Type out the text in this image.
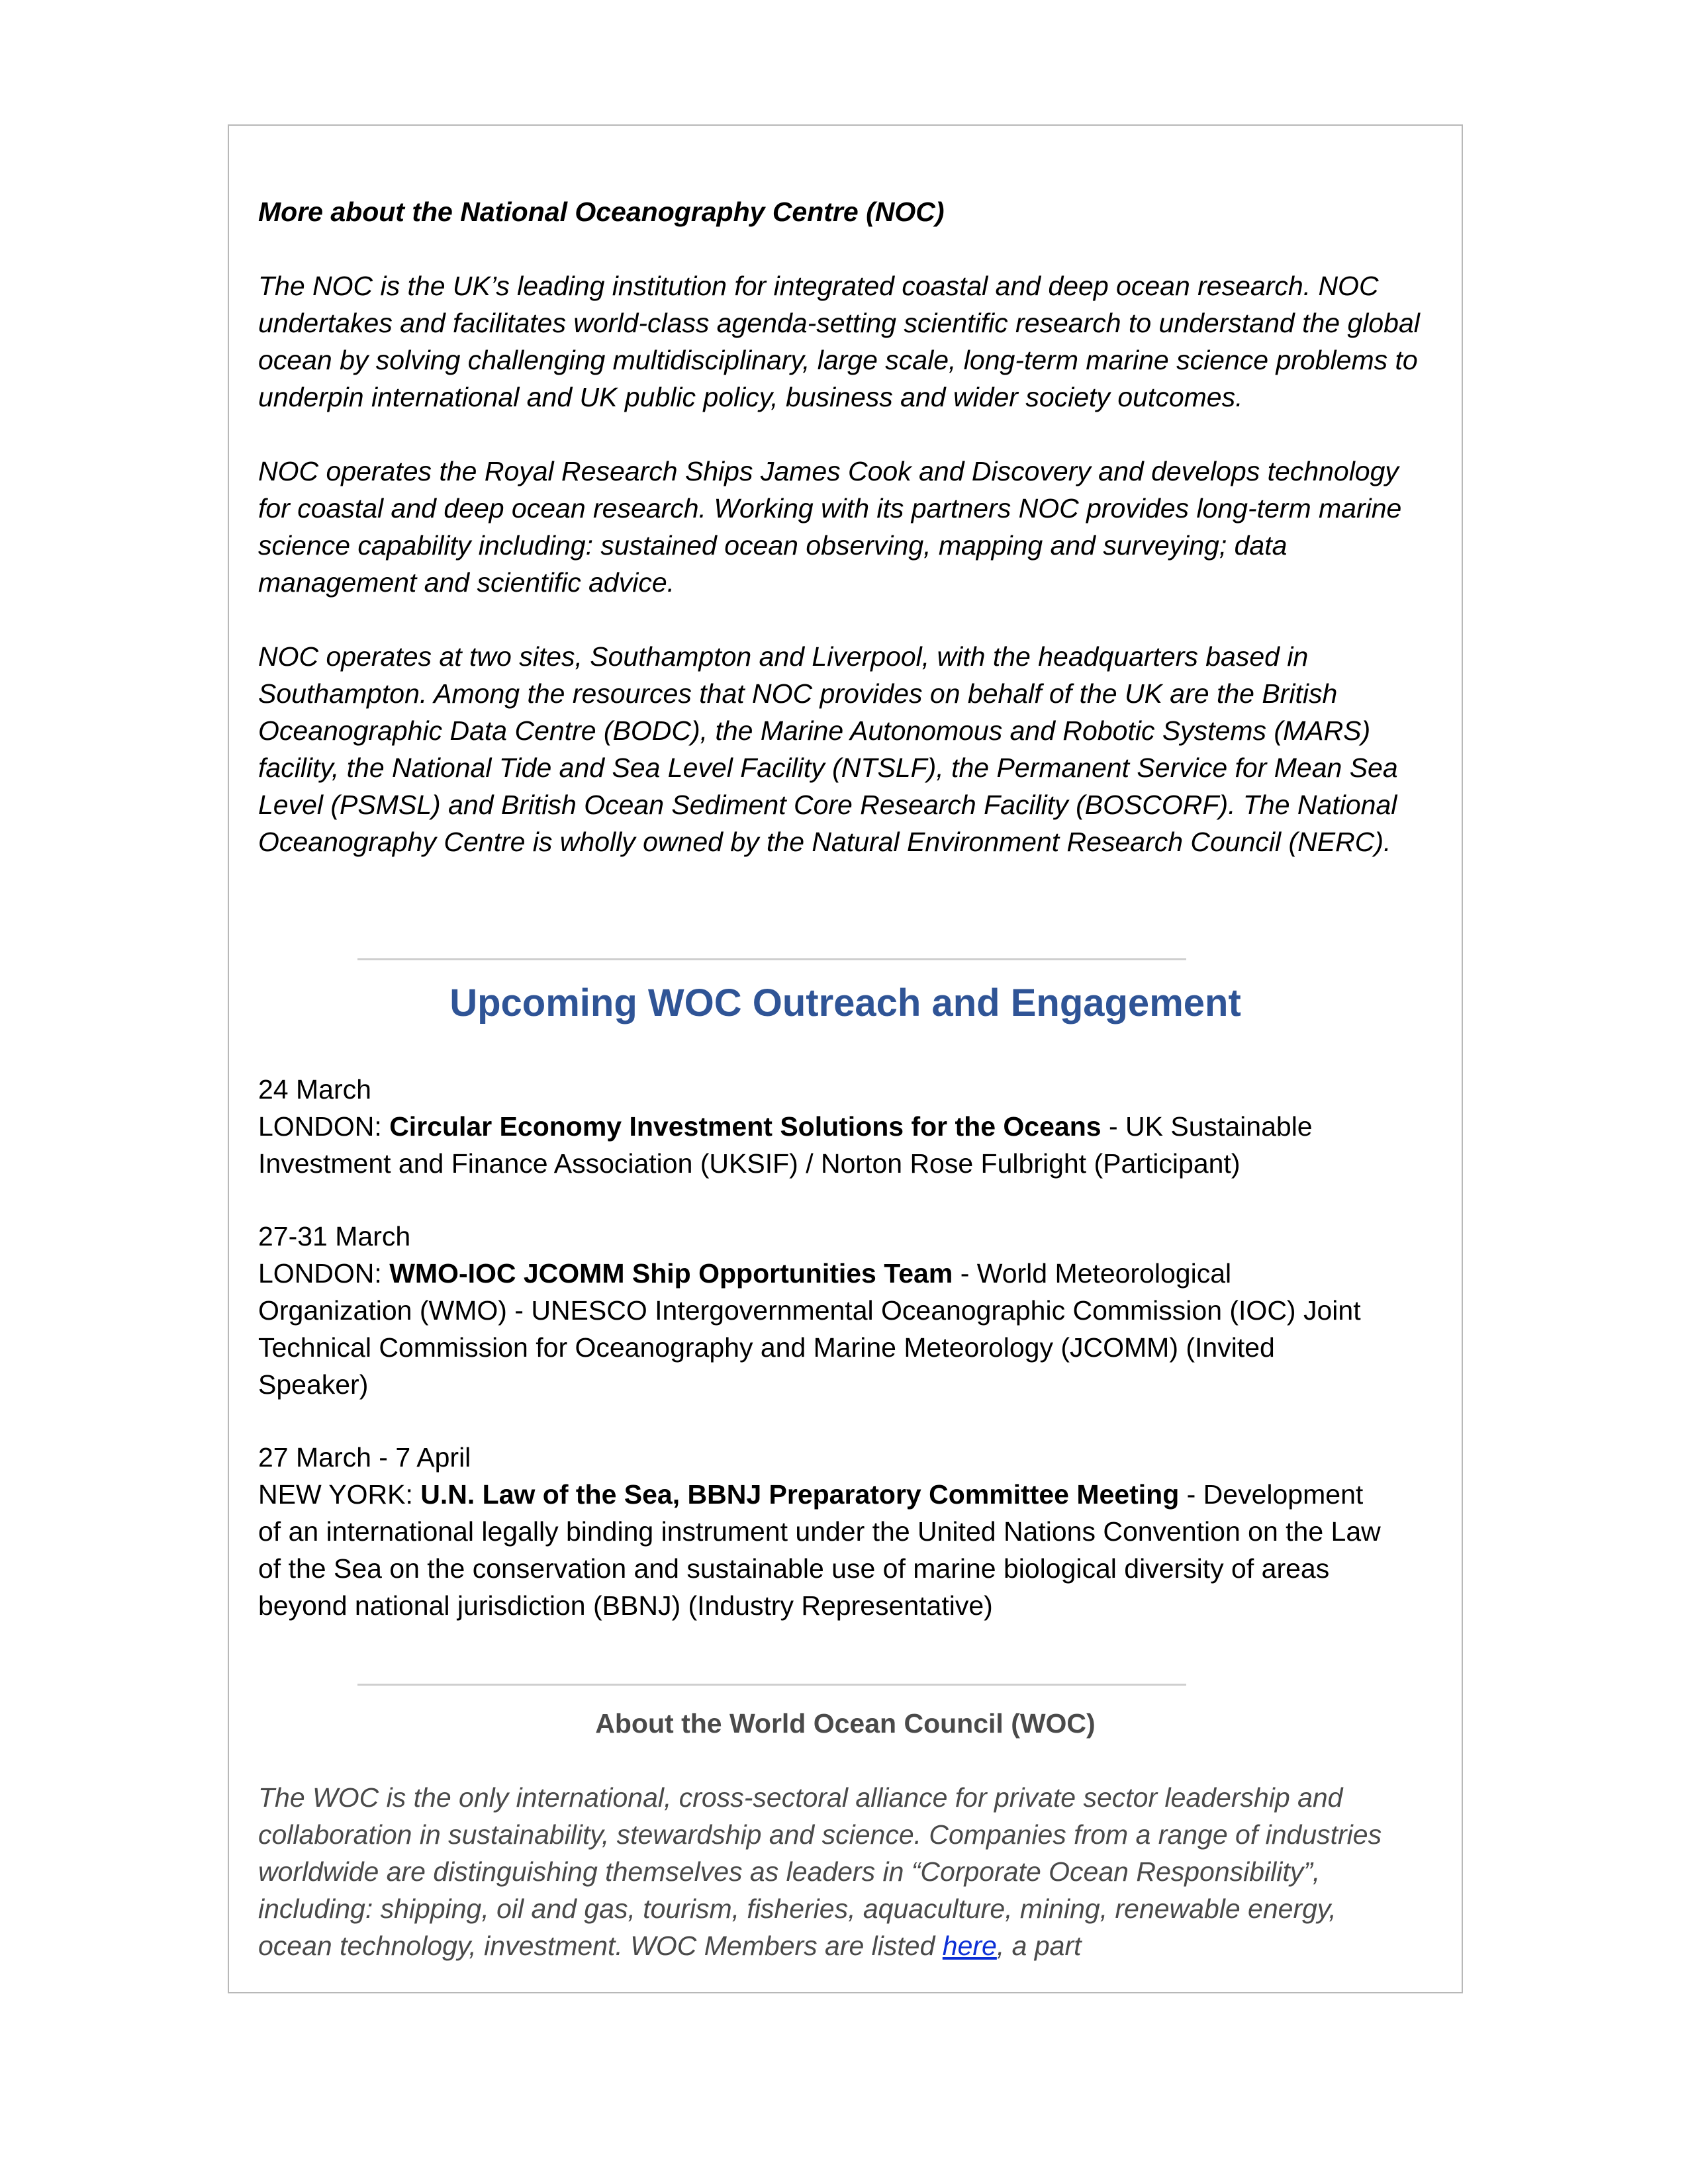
More about the National Oceanography Centre (NOC)

The NOC is the UK’s leading institution for integrated coastal and deep ocean research. NOC undertakes and facilitates world-class agenda-setting scientific research to understand the global ocean by solving challenging multidisciplinary, large scale, long-term marine science problems to underpin international and UK public policy, business and wider society outcomes.

NOC operates the Royal Research Ships James Cook and Discovery and develops technology for coastal and deep ocean research. Working with its partners NOC provides long-term marine science capability including: sustained ocean observing, mapping and surveying; data management and scientific advice.

NOC operates at two sites, Southampton and Liverpool, with the headquarters based in Southampton. Among the resources that NOC provides on behalf of the UK are the British Oceanographic Data Centre (BODC), the Marine Autonomous and Robotic Systems (MARS) facility, the National Tide and Sea Level Facility (NTSLF), the Permanent Service for Mean Sea Level (PSMSL) and British Ocean Sediment Core Research Facility (BOSCORF). The National Oceanography Centre is wholly owned by the Natural Environment Research Council (NERC).

Upcoming WOC Outreach and Engagement
24 March
LONDON: Circular Economy Investment Solutions for the Oceans - UK Sustainable Investment and Finance Association (UKSIF) / Norton Rose Fulbright (Participant)
27-31 March
LONDON: WMO-IOC JCOMM Ship Opportunities Team - World Meteorological Organization (WMO) - UNESCO Intergovernmental Oceanographic Commission (IOC) Joint Technical Commission for Oceanography and Marine Meteorology (JCOMM) (Invited Speaker)
27 March - 7 April
NEW YORK: U.N. Law of the Sea, BBNJ Preparatory Committee Meeting - Development of an international legally binding instrument under the United Nations Convention on the Law of the Sea on the conservation and sustainable use of marine biological diversity of areas beyond national jurisdiction (BBNJ) (Industry Representative)
About the World Ocean Council (WOC)
The WOC is the only international, cross-sectoral alliance for private sector leadership and collaboration in sustainability, stewardship and science. Companies from a range of industries worldwide are distinguishing themselves as leaders in “Corporate Ocean Responsibility”, including: shipping, oil and gas, tourism, fisheries, aquaculture, mining, renewable energy, ocean technology, investment. WOC Members are listed here, a part
